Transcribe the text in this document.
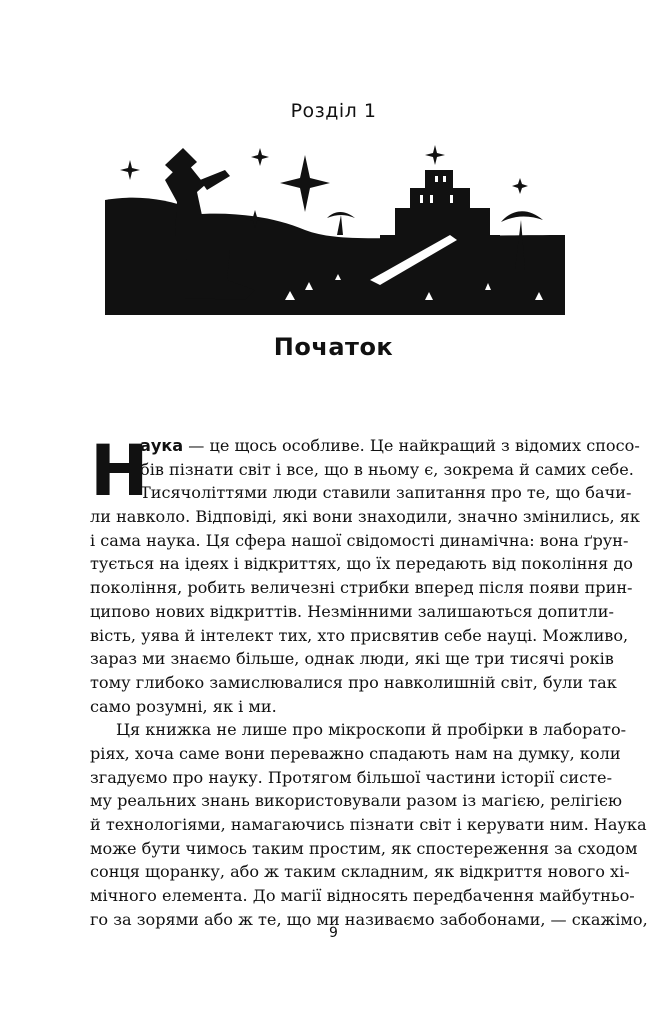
Розділ 1
Початок
Н
аука — це щось особливе. Це найкращий з відомих спосо-
бів пізнати світ і все, що в ньому є, зокрема й самих себе.
Тисячоліттями люди ставили запитання про те, що бачи-
ли навколо. Відповіді, які вони знаходили, значно змінились, як
і сама наука. Ця сфера нашої свідомості динамічна: вона ґрун-
тується на ідеях і відкриттях, що їх передають від покоління до
покоління, робить величезні стрибки вперед після появи прин-
ципово нових відкриттів. Незмінними залишаються допитли-
вість, уява й інтелект тих, хто присвятив себе науці. Можливо,
зараз ми знаємо більше, однак люди, які ще три тисячі років
тому глибоко замислювалися про навколишній світ, були так
само розумні, як і ми.
Ця книжка не лише про мікроскопи й пробірки в лаборато-
ріях, хоча саме вони переважно спадають нам на думку, коли
згадуємо про науку. Протягом більшої частини історії систе-
му реальних знань використовували разом із магією, релігією
й технологіями, намагаючись пізнати світ і керувати ним. Наука
може бути чимось таким простим, як спостереження за сходом
сонця щоранку, або ж таким складним, як відкриття нового хі-
мічного елемента. До магії відносять передбачення майбутньо-
го за зорями або ж те, що ми називаємо забобонами, — скажімо,
9
